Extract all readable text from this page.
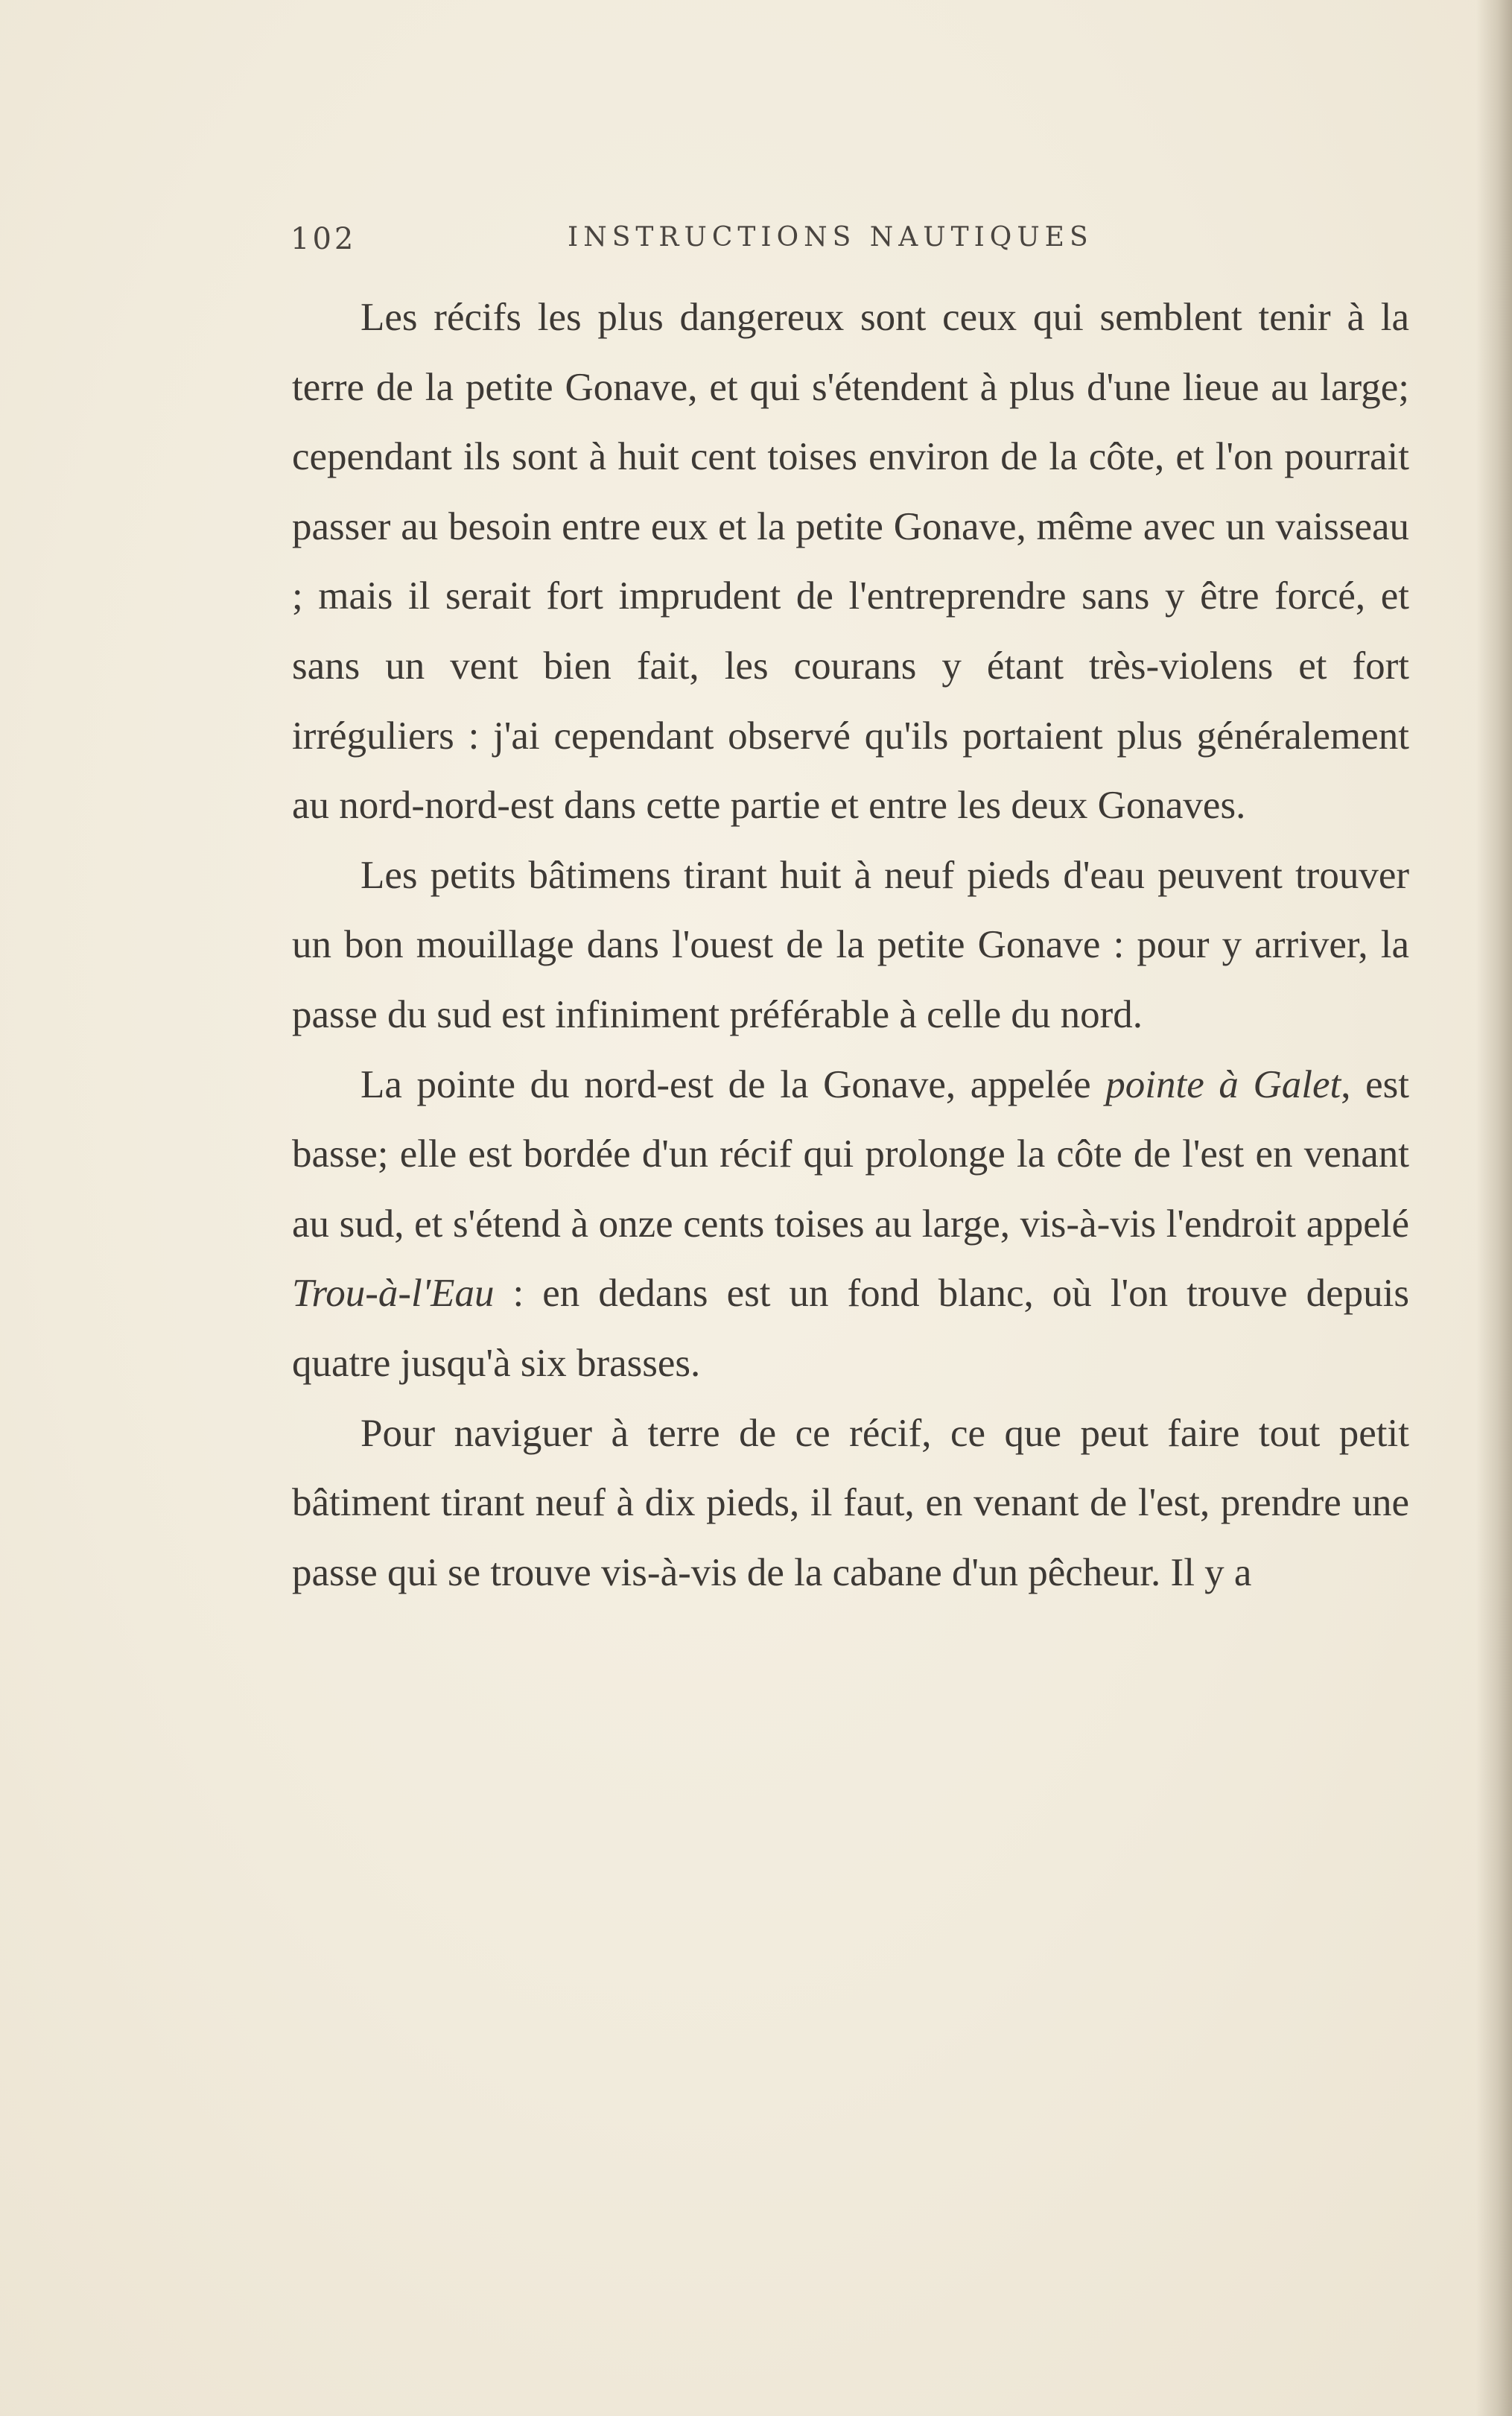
102	INSTRUCTIONS NAUTIQUES

Les récifs les plus dangereux sont ceux qui semblent tenir à la terre de la petite Gonave, et qui s'étendent à plus d'une lieue au large; cependant ils sont à huit cent toises environ de la côte, et l'on pourrait passer au besoin entre eux et la petite Gonave, même avec un vaisseau ; mais il serait fort imprudent de l'entreprendre sans y être forcé, et sans un vent bien fait, les courans y étant très-violens et fort irréguliers : j'ai cependant observé qu'ils portaient plus généralement au nord-nord-est dans cette partie et entre les deux Gonaves.

Les petits bâtimens tirant huit à neuf pieds d'eau peuvent trouver un bon mouillage dans l'ouest de la petite Gonave : pour y arriver, la passe du sud est infiniment préférable à celle du nord.

La pointe du nord-est de la Gonave, appelée pointe à Galet, est basse; elle est bordée d'un récif qui prolonge la côte de l'est en venant au sud, et s'étend à onze cents toises au large, vis-à-vis l'endroit appelé Trou-à-l'Eau : en dedans est un fond blanc, où l'on trouve depuis quatre jusqu'à six brasses.

Pour naviguer à terre de ce récif, ce que peut faire tout petit bâtiment tirant neuf à dix pieds, il faut, en venant de l'est, prendre une passe qui se trouve vis-à-vis de la cabane d'un pêcheur. Il y a
